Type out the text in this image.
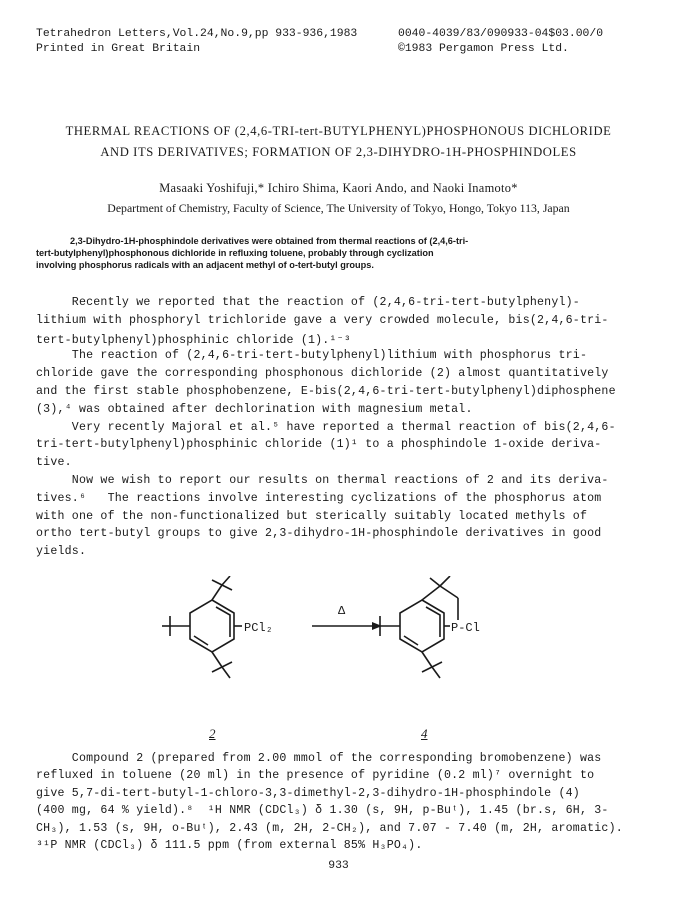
Tetrahedron Letters,Vol.24,No.9,pp 933-936,1983	0040-4039/83/090933-04$03.00/0
Printed in Great Britain	©1983 Pergamon Press Ltd.
THERMAL REACTIONS OF (2,4,6-TRI-tert-BUTYLPHENYL)PHOSPHONOUS DICHLORIDE
AND ITS DERIVATIVES; FORMATION OF 2,3-DIHYDRO-1H-PHOSPHINDOLES
Masaaki Yoshifuji,* Ichiro Shima, Kaori Ando, and Naoki Inamoto*
Department of Chemistry, Faculty of Science, The University of Tokyo, Hongo, Tokyo 113, Japan
2,3-Dihydro-1H-phosphindole derivatives were obtained from thermal reactions of (2,4,6-tri-
tert-butylphenyl)phosphonous dichloride in refluxing toluene, probably through cyclization
involving phosphorus radicals with an adjacent methyl of o-tert-butyl groups.
Recently we reported that the reaction of (2,4,6-tri-tert-butylphenyl)-
lithium with phosphoryl trichloride gave a very crowded molecule, bis(2,4,6-tri-
tert-butylphenyl)phosphinic chloride (1).¹⁻³
The reaction of (2,4,6-tri-tert-butylphenyl)lithium with phosphorus tri-
chloride gave the corresponding phosphonous dichloride (2) almost quantitatively
and the first stable phosphobenzene, E-bis(2,4,6-tri-tert-butylphenyl)diphosphene
(3),⁴ was obtained after dechlorination with magnesium metal.
Very recently Majoral et al.⁵ have reported a thermal reaction of bis(2,4,6-
tri-tert-butylphenyl)phosphinic chloride (1)¹ to a phosphindole 1-oxide deriva-
tive.
Now we wish to report our results on thermal reactions of 2 and its deriva-
tives.⁶   The reactions involve interesting cyclizations of the phosphorus atom
with one of the non-functionalized but sterically suitably located methyls of
ortho tert-butyl groups to give 2,3-dihydro-1H-phosphindole derivatives in good
yields.
PCl₂
Δ
P-Cl
2	4
Compound 2 (prepared from 2.00 mmol of the corresponding bromobenzene) was
refluxed in toluene (20 ml) in the presence of pyridine (0.2 ml)⁷ overnight to
give 5,7-di-tert-butyl-1-chloro-3,3-dimethyl-2,3-dihydro-1H-phosphindole (4)
(400 mg, 64 % yield).⁸  ¹H NMR (CDCl₃) δ 1.30 (s, 9H, p-Buᵗ), 1.45 (br.s, 6H, 3-
CH₃), 1.53 (s, 9H, o-Buᵗ), 2.43 (m, 2H, 2-CH₂), and 7.07 - 7.40 (m, 2H, aromatic).
³¹P NMR (CDCl₃) δ 111.5 ppm (from external 85% H₃PO₄).
933
